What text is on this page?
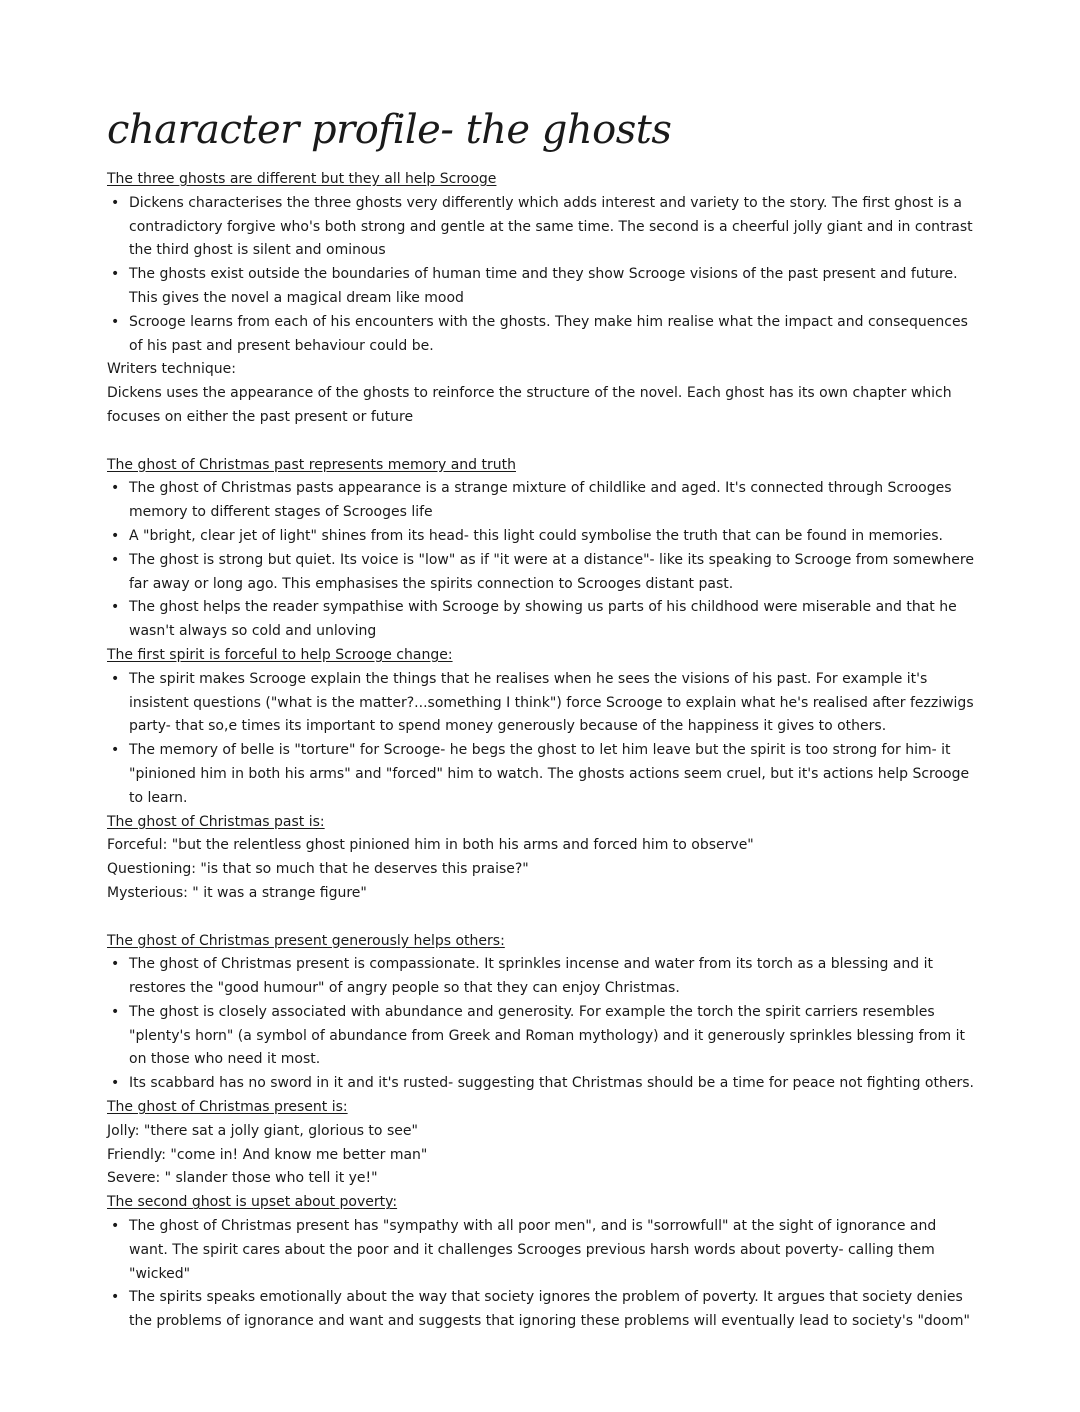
character profile- the ghosts

The three ghosts are different but they all help Scrooge

• Dickens characterises the three ghosts very differently which adds interest and variety to the story. The first ghost is a contradictory forgive who's both strong and gentle at the same time. The second is a cheerful jolly giant and in contrast the third ghost is silent and ominous
• The ghosts exist outside the boundaries of human time and they show Scrooge visions of the past present and future. This gives the novel a magical dream like mood
• Scrooge learns from each of his encounters with the ghosts. They make him realise what the impact and consequences of his past and present behaviour could be.

Writers technique:

Dickens uses the appearance of the ghosts to reinforce the structure of the novel. Each ghost has its own chapter which focuses on either the past present or future

The ghost of Christmas past represents memory and truth

• The ghost of Christmas pasts appearance is a strange mixture of childlike and aged. It's connected through Scrooges memory to different stages of Scrooges life
• A "bright, clear jet of light" shines from its head- this light could symbolise the truth that can be found in memories.
• The ghost is strong but quiet. Its voice is "low" as if "it were at a distance"- like its speaking to Scrooge from somewhere far away or long ago. This emphasises the spirits connection to Scrooges distant past.
• The ghost helps the reader sympathise with Scrooge by showing us parts of his childhood were miserable and that he wasn't always so cold and unloving

The first spirit is forceful to help Scrooge change:

• The spirit makes Scrooge explain the things that he realises when he sees the visions of his past. For example it's insistent questions ("what is the matter?...something I think") force Scrooge to explain what he's realised after fezziwigs party- that so,e times its important to spend money generously because of the happiness it gives to others.
• The memory of belle is "torture" for Scrooge- he begs the ghost to let him leave but the spirit is too strong for him- it "pinioned him in both his arms" and "forced" him to watch. The ghosts actions seem cruel, but it's actions help Scrooge to learn.

The ghost of Christmas past is:

Forceful: "but the relentless ghost pinioned him in both his arms and forced him to observe"

Questioning: "is that so much that he deserves this praise?"

Mysterious: " it was a strange figure"

The ghost of Christmas present generously helps others:

• The ghost of Christmas present is compassionate. It sprinkles incense and water from its torch as a blessing and it restores the "good humour" of angry people so that they can enjoy Christmas.
• The ghost is closely associated with abundance and generosity. For example the torch the spirit carriers resembles "plenty's horn" (a symbol of abundance from Greek and Roman mythology) and it generously sprinkles blessing from it on those who need it most.
• Its scabbard has no sword in it and it's rusted- suggesting that Christmas should be a time for peace not fighting others.

The ghost of Christmas present is:

Jolly: "there sat a jolly giant, glorious to see"

Friendly: "come in! And know me better man"

Severe: " slander those who tell it ye!"

The second ghost is upset about poverty:

• The ghost of Christmas present has "sympathy with all poor men", and is "sorrowfull" at the sight of ignorance and want. The spirit cares about the poor and it challenges Scrooges previous harsh words about poverty- calling them "wicked"
• The spirits speaks emotionally about the way that society ignores the problem of poverty. It argues that society denies the problems of ignorance and want and suggests that ignoring these problems will eventually lead to society's "doom"
